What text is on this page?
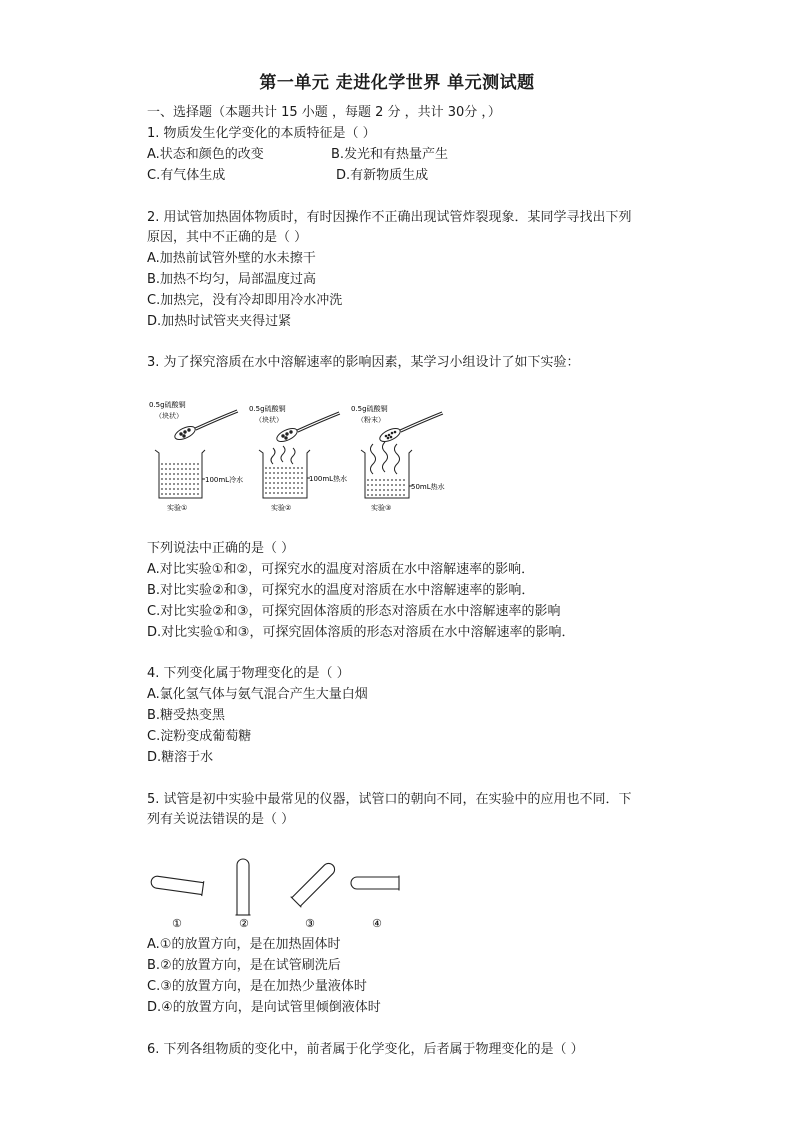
第一单元 走进化学世界 单元测试题
一、选择题（本题共计 15 小题 ，每题 2 分 ，共计 30分 ，）
1. 物质发生化学变化的本质特征是（ ）
A.状态和颜色的改变	B.发光和有热量产生
C.有气体生成	D.有新物质生成
2. 用试管加热固体物质时，有时因操作不正确出现试管炸裂现象．某同学寻找出下列
原因，其中不正确的是（ ）
A.加热前试管外壁的水未擦干
B.加热不均匀，局部温度过高
C.加热完，没有冷却即用冷水冲洗
D.加热时试管夹夹得过紧
3. 为了探究溶质在水中溶解速率的影响因素，某学习小组设计了如下实验：
0.5g硫酸铜
（块状）
0.5g硫酸铜
（块状）
0.5g硫酸铜
（粉末）
100mL冷水
实验①
100mL热水
实验②
50mL热水
实验③
下列说法中正确的是（ ）
A.对比实验①和②，可探究水的温度对溶质在水中溶解速率的影响．
B.对比实验②和③，可探究水的温度对溶质在水中溶解速率的影响．
C.对比实验②和③，可探究固体溶质的形态对溶质在水中溶解速率的影响
D.对比实验①和③，可探究固体溶质的形态对溶质在水中溶解速率的影响．
4. 下列变化属于物理变化的是（ ）
A.氯化氢气体与氨气混合产生大量白烟
B.糖受热变黑
C.淀粉变成葡萄糖
D.糖溶于水
5. 试管是初中实验中最常见的仪器，试管口的朝向不同，在实验中的应用也不同．下
列有关说法错误的是（ ）
①	②	③	④
A.①的放置方向，是在加热固体时
B.②的放置方向，是在试管刷洗后
C.③的放置方向，是在加热少量液体时
D.④的放置方向，是向试管里倾倒液体时
6. 下列各组物质的变化中，前者属于化学变化，后者属于物理变化的是（ ）
